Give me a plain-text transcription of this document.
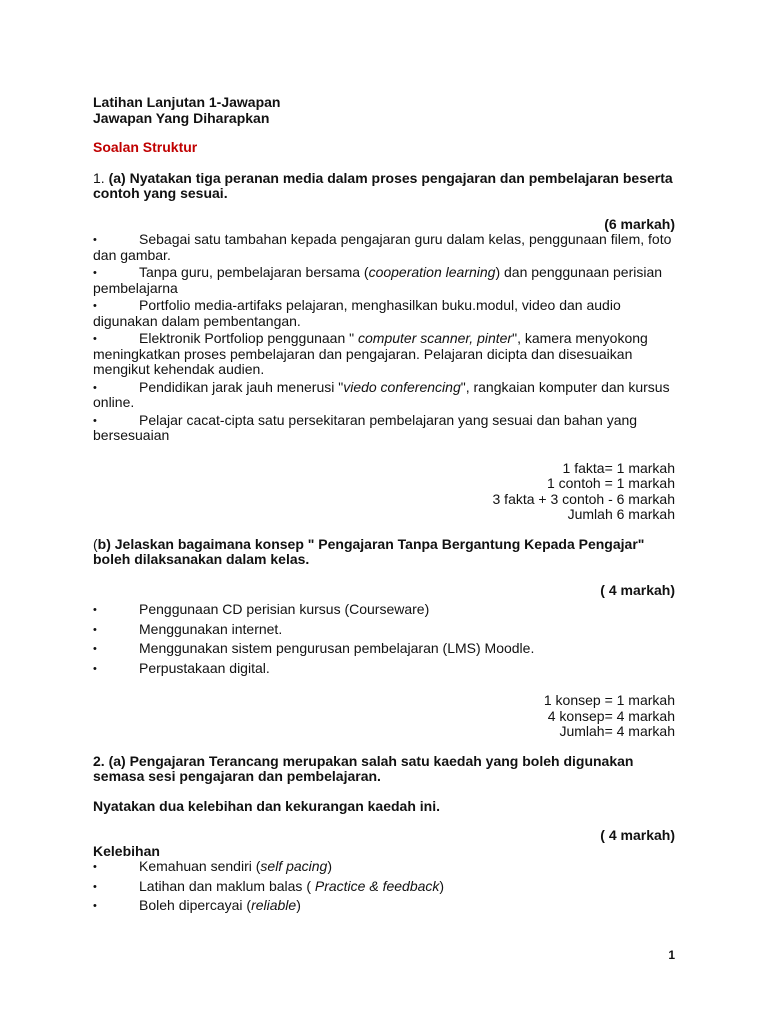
Latihan Lanjutan 1-Jawapan
Jawapan Yang Diharapkan
Soalan Struktur
1. (a) Nyatakan tiga peranan media dalam proses pengajaran dan pembelajaran beserta contoh yang sesuai.
(6 markah)
Sebagai satu tambahan kepada pengajaran guru dalam kelas, penggunaan filem, foto dan gambar.
Tanpa guru, pembelajaran bersama (cooperation learning) dan penggunaan perisian pembelajarna
Portfolio media-artifaks pelajaran, menghasilkan buku.modul, video dan audio digunakan dalam pembentangan.
Elektronik Portfoliop penggunaan " computer scanner, pinter", kamera menyokong meningkatkan proses pembelajaran dan pengajaran. Pelajaran dicipta dan disesuaikan mengikut kehendak audien.
Pendidikan jarak jauh menerusi "viedo conferencing", rangkaian komputer dan kursus online.
Pelajar cacat-cipta satu persekitaran pembelajaran yang sesuai dan bahan yang bersesuaian
1 fakta= 1 markah
1 contoh = 1 markah
3 fakta + 3 contoh - 6 markah
Jumlah 6 markah
(b) Jelaskan bagaimana konsep " Pengajaran Tanpa Bergantung Kepada Pengajar" boleh dilaksanakan dalam kelas.
( 4 markah)
Penggunaan CD perisian kursus (Courseware)
Menggunakan internet.
Menggunakan sistem pengurusan pembelajaran (LMS) Moodle.
Perpustakaan digital.
1 konsep = 1 markah
4 konsep= 4 markah
Jumlah= 4 markah
2. (a) Pengajaran Terancang merupakan salah satu kaedah yang boleh digunakan semasa sesi pengajaran dan pembelajaran.
Nyatakan dua kelebihan dan kekurangan kaedah ini.
( 4 markah)
Kelebihan
Kemahuan sendiri (self pacing)
Latihan dan maklum balas ( Practice & feedback)
Boleh dipercayai (reliable)
1
